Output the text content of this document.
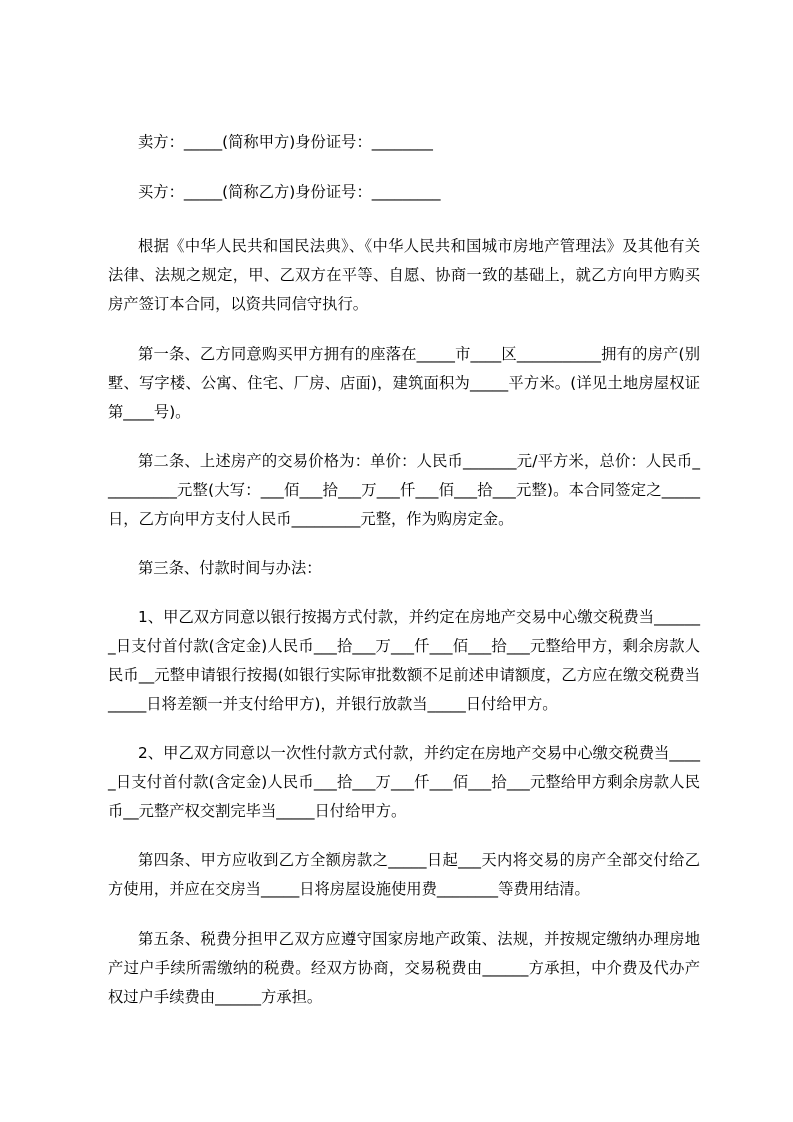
卖方：_____(简称甲方)身份证号：________

买方：_____(简称乙方)身份证号：_________

根据《中华人民共和国民法典》、《中华人民共和国城市房地产管理法》及其他有关法律、法规之规定，甲、乙双方在平等、自愿、协商一致的基础上，就乙方向甲方购买房产签订本合同，以资共同信守执行。

第一条、乙方同意购买甲方拥有的座落在_____市____区___________拥有的房产(别墅、写字楼、公寓、住宅、厂房、店面)，建筑面积为_____平方米。(详见土地房屋权证第____号)。

第二条、上述房产的交易价格为：单价：人民币_______元/平方米，总价：人民币__________元整(大写：___佰___拾___万___仟___佰___拾___元整)。本合同签定之_____日，乙方向甲方支付人民币_________元整，作为购房定金。

第三条、付款时间与办法：

1、甲乙双方同意以银行按揭方式付款，并约定在房地产交易中心缴交税费当_______日支付首付款(含定金)人民币___拾___万___仟___佰___拾___元整给甲方，剩余房款人民币__元整申请银行按揭(如银行实际审批数额不足前述申请额度，乙方应在缴交税费当_____日将差额一并支付给甲方)，并银行放款当_____日付给甲方。

2、甲乙双方同意以一次性付款方式付款，并约定在房地产交易中心缴交税费当_____日支付首付款(含定金)人民币___拾___万___仟___佰___拾___元整给甲方剩余房款人民币__元整产权交割完毕当_____日付给甲方。

第四条、甲方应收到乙方全额房款之_____日起___天内将交易的房产全部交付给乙方使用，并应在交房当_____日将房屋设施使用费________等费用结清。

第五条、税费分担甲乙双方应遵守国家房地产政策、法规，并按规定缴纳办理房地产过户手续所需缴纳的税费。经双方协商，交易税费由______方承担，中介费及代办产权过户手续费由______方承担。
